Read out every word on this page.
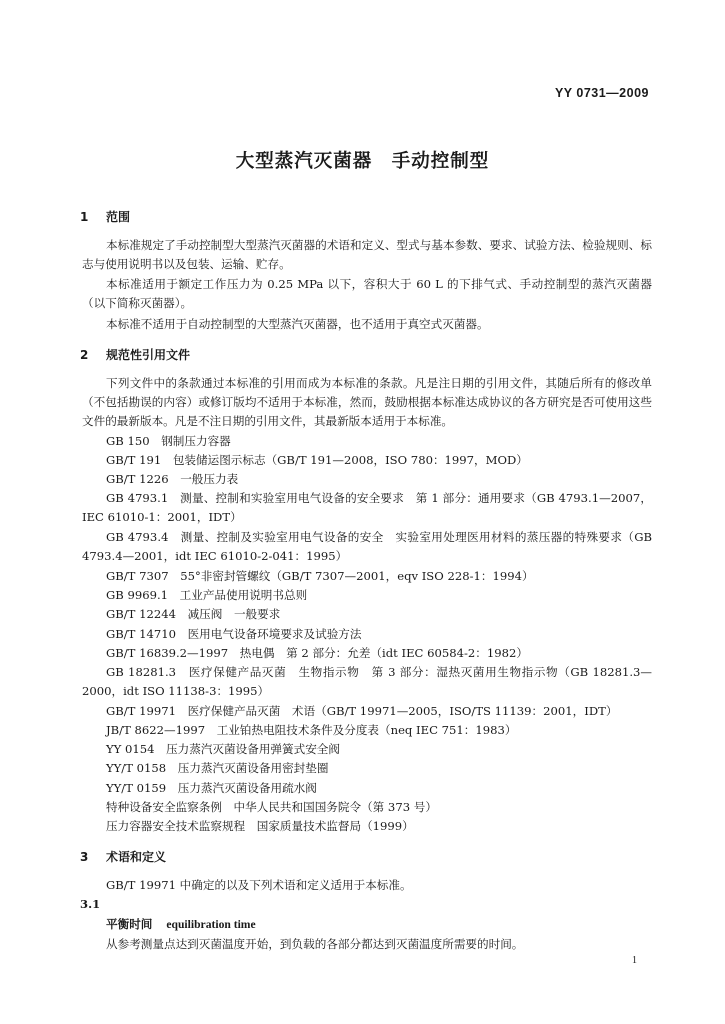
YY 0731—2009
大型蒸汽灭菌器　手动控制型
1 范围
本标准规定了手动控制型大型蒸汽灭菌器的术语和定义、型式与基本参数、要求、试验方法、检验规则、标志与使用说明书以及包装、运输、贮存。
本标准适用于额定工作压力为 0.25 MPa 以下，容积大于 60 L 的下排气式、手动控制型的蒸汽灭菌器（以下简称灭菌器）。
本标准不适用于自动控制型的大型蒸汽灭菌器，也不适用于真空式灭菌器。
2 规范性引用文件
下列文件中的条款通过本标准的引用而成为本标准的条款。凡是注日期的引用文件，其随后所有的修改单（不包括勘误的内容）或修订版均不适用于本标准，然而，鼓励根据本标准达成协议的各方研究是否可使用这些文件的最新版本。凡是不注日期的引用文件，其最新版本适用于本标准。
GB 150　钢制压力容器
GB/T 191　包装储运图示标志（GB/T 191—2008，ISO 780：1997，MOD）
GB/T 1226　一般压力表
GB 4793.1　测量、控制和实验室用电气设备的安全要求　第 1 部分：通用要求（GB 4793.1—2007，IEC 61010-1：2001，IDT）
GB 4793.4　测量、控制及实验室用电气设备的安全　实验室用处理医用材料的蒸压器的特殊要求（GB 4793.4—2001，idt IEC 61010-2-041：1995）
GB/T 7307　55°非密封管螺纹（GB/T 7307—2001，eqv ISO 228-1：1994）
GB 9969.1　工业产品使用说明书总则
GB/T 12244　减压阀　一般要求
GB/T 14710　医用电气设备环境要求及试验方法
GB/T 16839.2—1997　热电偶　第 2 部分：允差（idt IEC 60584-2：1982）
GB 18281.3　医疗保健产品灭菌　生物指示物　第 3 部分：湿热灭菌用生物指示物（GB 18281.3—2000，idt ISO 11138-3：1995）
GB/T 19971　医疗保健产品灭菌　术语（GB/T 19971—2005，ISO/TS 11139：2001，IDT）
JB/T 8622—1997　工业铂热电阻技术条件及分度表（neq IEC 751：1983）
YY 0154　压力蒸汽灭菌设备用弹簧式安全阀
YY/T 0158　压力蒸汽灭菌设备用密封垫圈
YY/T 0159　压力蒸汽灭菌设备用疏水阀
特种设备安全监察条例　中华人民共和国国务院令（第 373 号）
压力容器安全技术监察规程　国家质量技术监督局（1999）
3 术语和定义
GB/T 19971 中确定的以及下列术语和定义适用于本标准。
3.1
平衡时间 equilibration time
从参考测量点达到灭菌温度开始，到负载的各部分都达到灭菌温度所需要的时间。
1
